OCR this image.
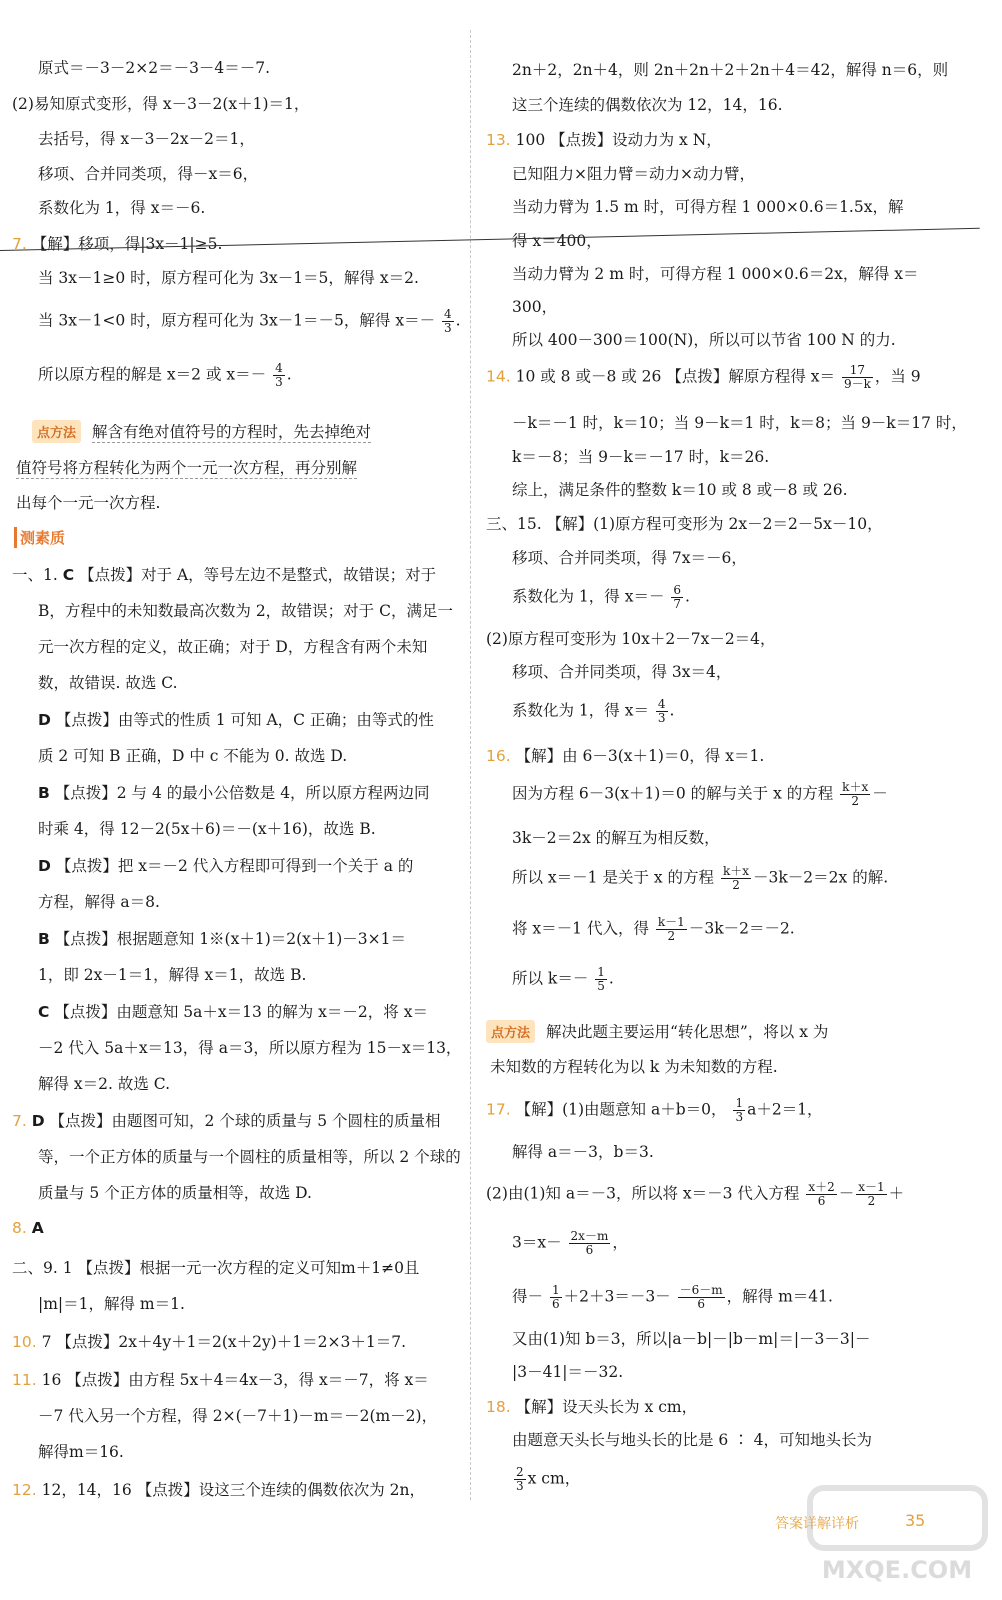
原式＝－3－2×2＝－3－4＝－7.
(2)易知原式变形，得 x－3－2(x＋1)＝1，
去括号，得 x－3－2x－2＝1，
移项、合并同类项，得－x＝6，
系数化为 1，得 x＝－6.
7. 【解】移项，得|3x－1|≥5.
当 3x－1≥0 时，原方程可化为 3x－1＝5，解得 x＝2.
当 3x－1<0 时，原方程可化为 3x－1＝－5，解得 $x=- \frac{4}{3}$ .
所以原方程的解是 x＝2 或 $x=- \frac{4}{3}$ .
点方法 解含有绝对值符号的方程时，先去掉绝对
值符号将方程转化为两个一元一次方程，再分别解
出每个一元一次方程.
测素质
一、1. C 【点拨】对于 A，等号左边不是整式，故错误；对于
B，方程中的未知数最高次数为 2，故错误；对于 C，满足一
元一次方程的定义，故正确；对于 D，方程含有两个未知
数，故错误. 故选 C.
D 【点拨】由等式的性质 1 可知 A，C 正确；由等式的性
质 2 可知 B 正确，D 中 c 不能为 0. 故选 D.
B 【点拨】2 与 4 的最小公倍数是 4，所以原方程两边同
时乘 4，得 12－2(5x＋6)＝－(x＋16)，故选 B.
D 【点拨】把 x＝－2 代入方程即可得到一个关于 a 的
方程，解得 a＝8.
B 【点拨】根据题意知 1※(x＋1)＝2(x＋1)－3×1＝
1，即 2x－1＝1，解得 x＝1，故选 B.
C 【点拨】由题意知 5a＋x＝13 的解为 x＝－2，将 x＝
－2 代入 5a＋x＝13，得 a＝3，所以原方程为 15－x＝13，
解得 x＝2. 故选 C.
7. D 【点拨】由题图可知，2 个球的质量与 5 个圆柱的质量相
等，一个正方体的质量与一个圆柱的质量相等，所以 2 个球的
质量与 5 个正方体的质量相等，故选 D.
8. A
二、9. 1 【点拨】根据一元一次方程的定义可知m＋1≠0且
|m|＝1，解得 m＝1.
10. 7 【点拨】2x＋4y＋1＝2(x＋2y)＋1＝2×3＋1＝7.
11. 16 【点拨】由方程 5x＋4＝4x－3，得 x＝－7，将 x＝
－7 代入另一个方程，得 2×(－7＋1)－m＝－2(m－2)，
解得m＝16.
12. 12，14，16 【点拨】设这三个连续的偶数依次为 2n，
2n＋2，2n＋4，则 2n＋2n＋2＋2n＋4＝42，解得 n＝6，则
这三个连续的偶数依次为 12，14，16.
13. 100 【点拨】设动力为 x N，
已知阻力×阻力臂＝动力×动力臂，
当动力臂为 1.5 m 时，可得方程 1 000×0.6＝1.5x，解
得 x＝400，
当动力臂为 2 m 时，可得方程 1 000×0.6＝2x，解得 x＝
300，
所以 400－300＝100(N)，所以可以节省 100 N 的力.
14. 10 或 8 或－8 或 26 【点拨】解原方程得 $x= \frac{17}{9-k}$ ，当 9
－k＝－1 时，k＝10；当 9－k＝1 时，k＝8；当 9－k＝17 时，
k＝－8；当 9－k＝－17 时，k＝26.
综上，满足条件的整数 k＝10 或 8 或－8 或 26.
三、15. 【解】(1)原方程可变形为 2x－2＝2－5x－10，
移项、合并同类项，得 7x＝－6，
系数化为 1，得 $x=- \frac{6}{7}$ .
(2)原方程可变形为 10x＋2－7x－2＝4，
移项、合并同类项，得 3x＝4，
系数化为 1，得 $x= \frac{4}{3}$ .
16. 【解】由 6－3(x＋1)＝0，得 x＝1.
因为方程 6－3(x＋1)＝0 的解与关于 x 的方程 $\frac{k+x}{2}$ －
3k－2＝2x 的解互为相反数，
所以 x＝－1 是关于 x 的方程 $\frac{k+x}{2} -3k-2=2x$ 的解.
将 x＝－1 代入，得 $\frac{k-1}{2} -3k-2=-2$.
所以 $k=- \frac{1}{5}$ .
点方法 解决此题主要运用“转化思想”，将以 x 为
未知数的方程转化为以 k 为未知数的方程.
17. 【解】(1)由题意知 a＋b＝0， $\frac{1}{3} a+2=1$，
解得 a＝－3，b＝3.
(2)由(1)知 a＝－3，所以将 x＝－3 代入方程 $\frac{x+2}{6} - \frac{x-1}{2}$ ＋
$3=x- \frac{2x-m}{6}$ ，
得－ $\frac{1}{6} +2+3=-3- \frac{-6-m}{6}$ ，解得 m＝41.
又由(1)知 b＝3，所以|a－b|－|b－m|＝|－3－3|－
|3－41|＝－32.
18. 【解】设天头长为 x cm，
由题意天头长与地头长的比是 6 ∶ 4，可知地头长为
$\frac{2}{3}$ x cm，
MXQE.COM
答案详解详析	35
